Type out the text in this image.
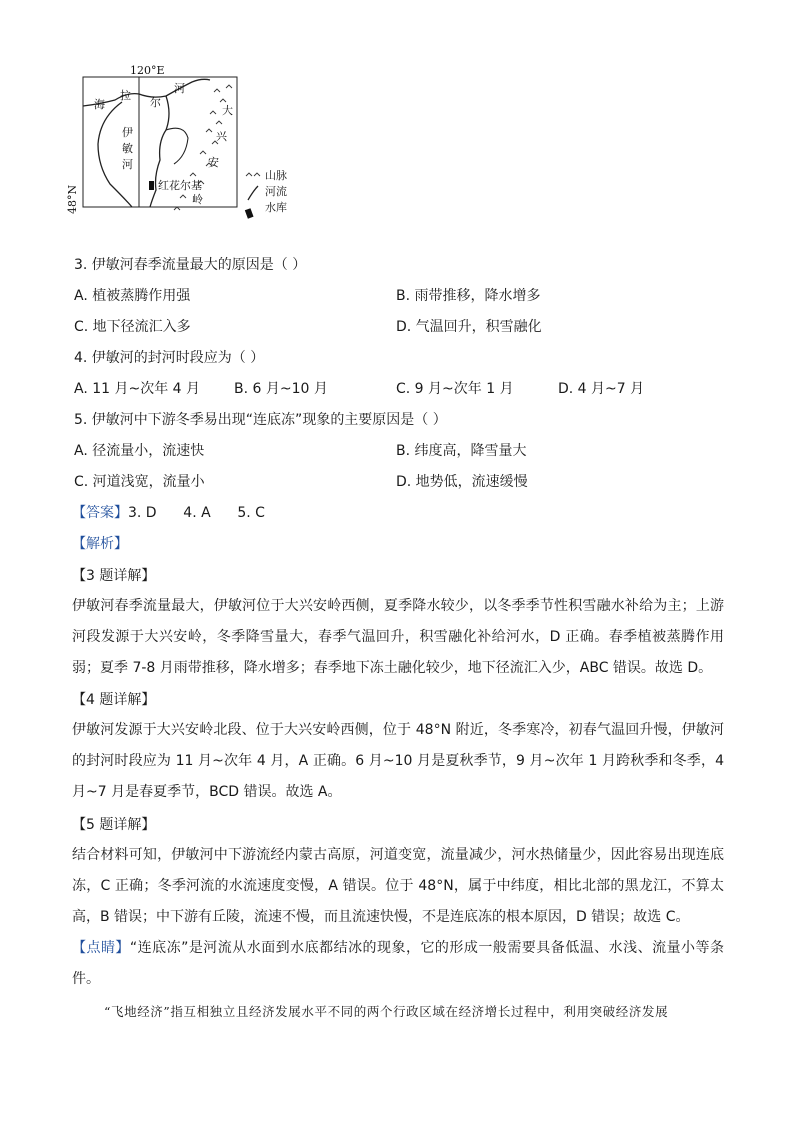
120°E
48°N
海
拉
尔
河
伊
敏
河
红花尔基
岭
大
兴
安
山脉
河流
水库
3. 伊敏河春季流量最大的原因是（ ）
A. 植被蒸腾作用强	B. 雨带推移，降水增多
C. 地下径流汇入多	D. 气温回升，积雪融化
4. 伊敏河的封河时段应为（ ）
A. 11 月~次年 4 月 B. 6 月~10 月	C. 9 月~次年 1 月	D. 4 月~7 月
5. 伊敏河中下游冬季易出现“连底冻”现象的主要原因是（ ）
A. 径流量小，流速快	B. 纬度高，降雪量大
C. 河道浅宽，流量小	D. 地势低，流速缓慢
【答案】3. D      4. A      5. C
【解析】
【3 题详解】
伊敏河春季流量最大，伊敏河位于大兴安岭西侧，夏季降水较少，以冬季季节性积雪融水补给为主；上游河段发源于大兴安岭，冬季降雪量大，春季气温回升，积雪融化补给河水，D 正确。春季植被蒸腾作用弱；夏季 7-8 月雨带推移，降水增多；春季地下冻土融化较少，地下径流汇入少，ABC 错误。故选 D。
【4 题详解】
伊敏河发源于大兴安岭北段、位于大兴安岭西侧，位于 48°N 附近，冬季寒冷，初春气温回升慢，伊敏河的封河时段应为 11 月~次年 4 月，A 正确。6 月~10 月是夏秋季节，9 月~次年 1 月跨秋季和冬季，4 月~7 月是春夏季节，BCD 错误。故选 A。
【5 题详解】
结合材料可知，伊敏河中下游流经内蒙古高原，河道变宽，流量减少，河水热储量少，因此容易出现连底冻，C 正确；冬季河流的水流速度变慢，A 错误。位于 48°N，属于中纬度，相比北部的黑龙江，不算太高，B 错误；中下游有丘陵，流速不慢，而且流速快慢，不是连底冻的根本原因，D 错误；故选 C。
【点睛】“连底冻”是河流从水面到水底都结冰的现象，它的形成一般需要具备低温、水浅、流量小等条件。
“飞地经济”指互相独立且经济发展水平不同的两个行政区域在经济增长过程中，利用突破经济发展
